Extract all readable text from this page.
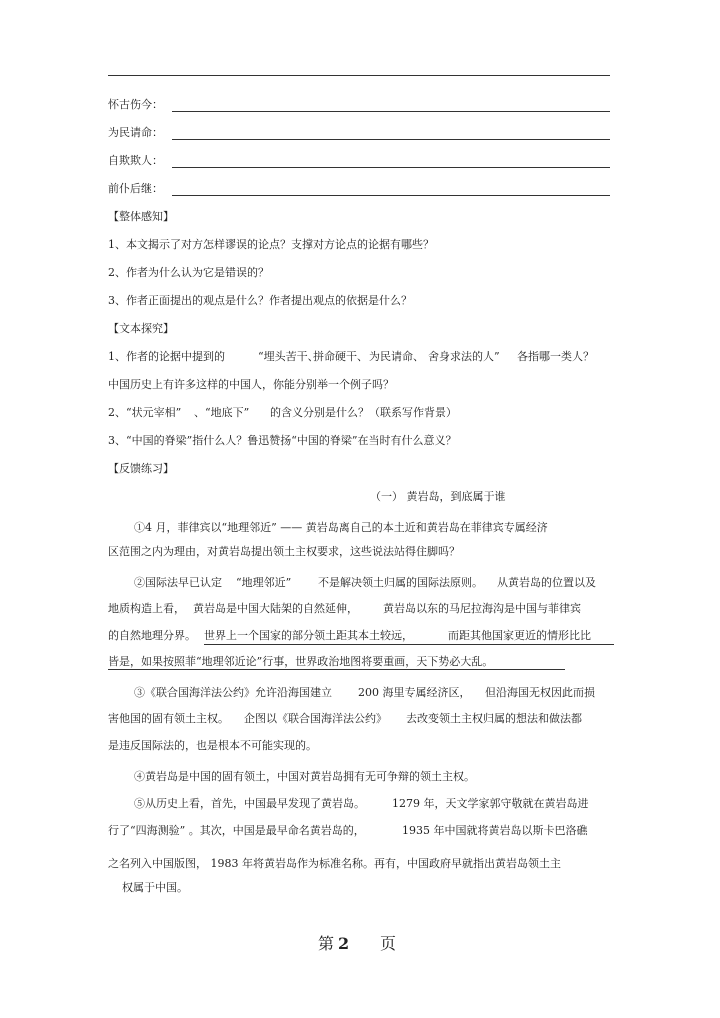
怀古伤今：
为民请命：
自欺欺人：
前仆后继：
【整体感知】
1、本文揭示了对方怎样谬误的论点？支撑对方论点的论据有哪些？
2、作者为什么认为它是错误的？
3、作者正面提出的观点是什么？作者提出观点的依据是什么？
【文本探究】
1、作者的论据中提到的	“埋头苦干、
拼命硬干、 为民请命、 舍身求法的人” 各指哪一类人？
中国历史上有许多这样的中国人，你能分别举一个例子吗？
2、“状元宰相” 、“地底下” 的含义分别是什么？（联系写作背景）
3、“中国的脊梁”指什么人？鲁迅赞扬“中国的脊梁”在当时有什么意义？
【反馈练习】
（一） 黄岩岛，到底属于谁
①4 月，菲律宾以“地理邻近” —— 黄岩岛离自己的本土近和黄岩岛在菲律宾专属经济
区范围之内为理由，对黄岩岛提出领土主权要求，这些说法站得住脚吗？
②国际法早已认定 “地理邻近” 不是解决领土归属的国际法原则。 从黄岩岛的位置以及
地质构造上看， 黄岩岛是中国大陆架的自然延伸， 黄岩岛以东的马尼拉海沟是中国与菲律宾
的自然地理分界。 世界上一个国家的部分领土距其本土较远，	而距其他国家更近的情形比比
皆是，如果按照菲“地理邻近论”行事，世界政治地图将要重画，天下势必大乱。
③《联合国海洋法公约》允许沿海国建立 200 海里专属经济区， 但沿海国无权因此而损
害他国的固有领土主权。 企图以《联合国海洋法公约》 去改变领土主权归属的想法和做法都
是违反国际法的，也是根本不可能实现的。
④黄岩岛是中国的固有领土，中国对黄岩岛拥有无可争辩的领土主权。
⑤从历史上看，首先，中国最早发现了黄岩岛。 1279 年，天文学家郭守敬就在黄岩岛进
行了“四海测验” 。其次，中国是最早命名黄岩岛的，	1935 年中国就将黄岩岛以斯卡巴洛礁
之名列入中国版图， 1983 年将黄岩岛作为标准名称。再有，中国政府早就指出黄岩岛领土主
权属于中国。
第 2 页
